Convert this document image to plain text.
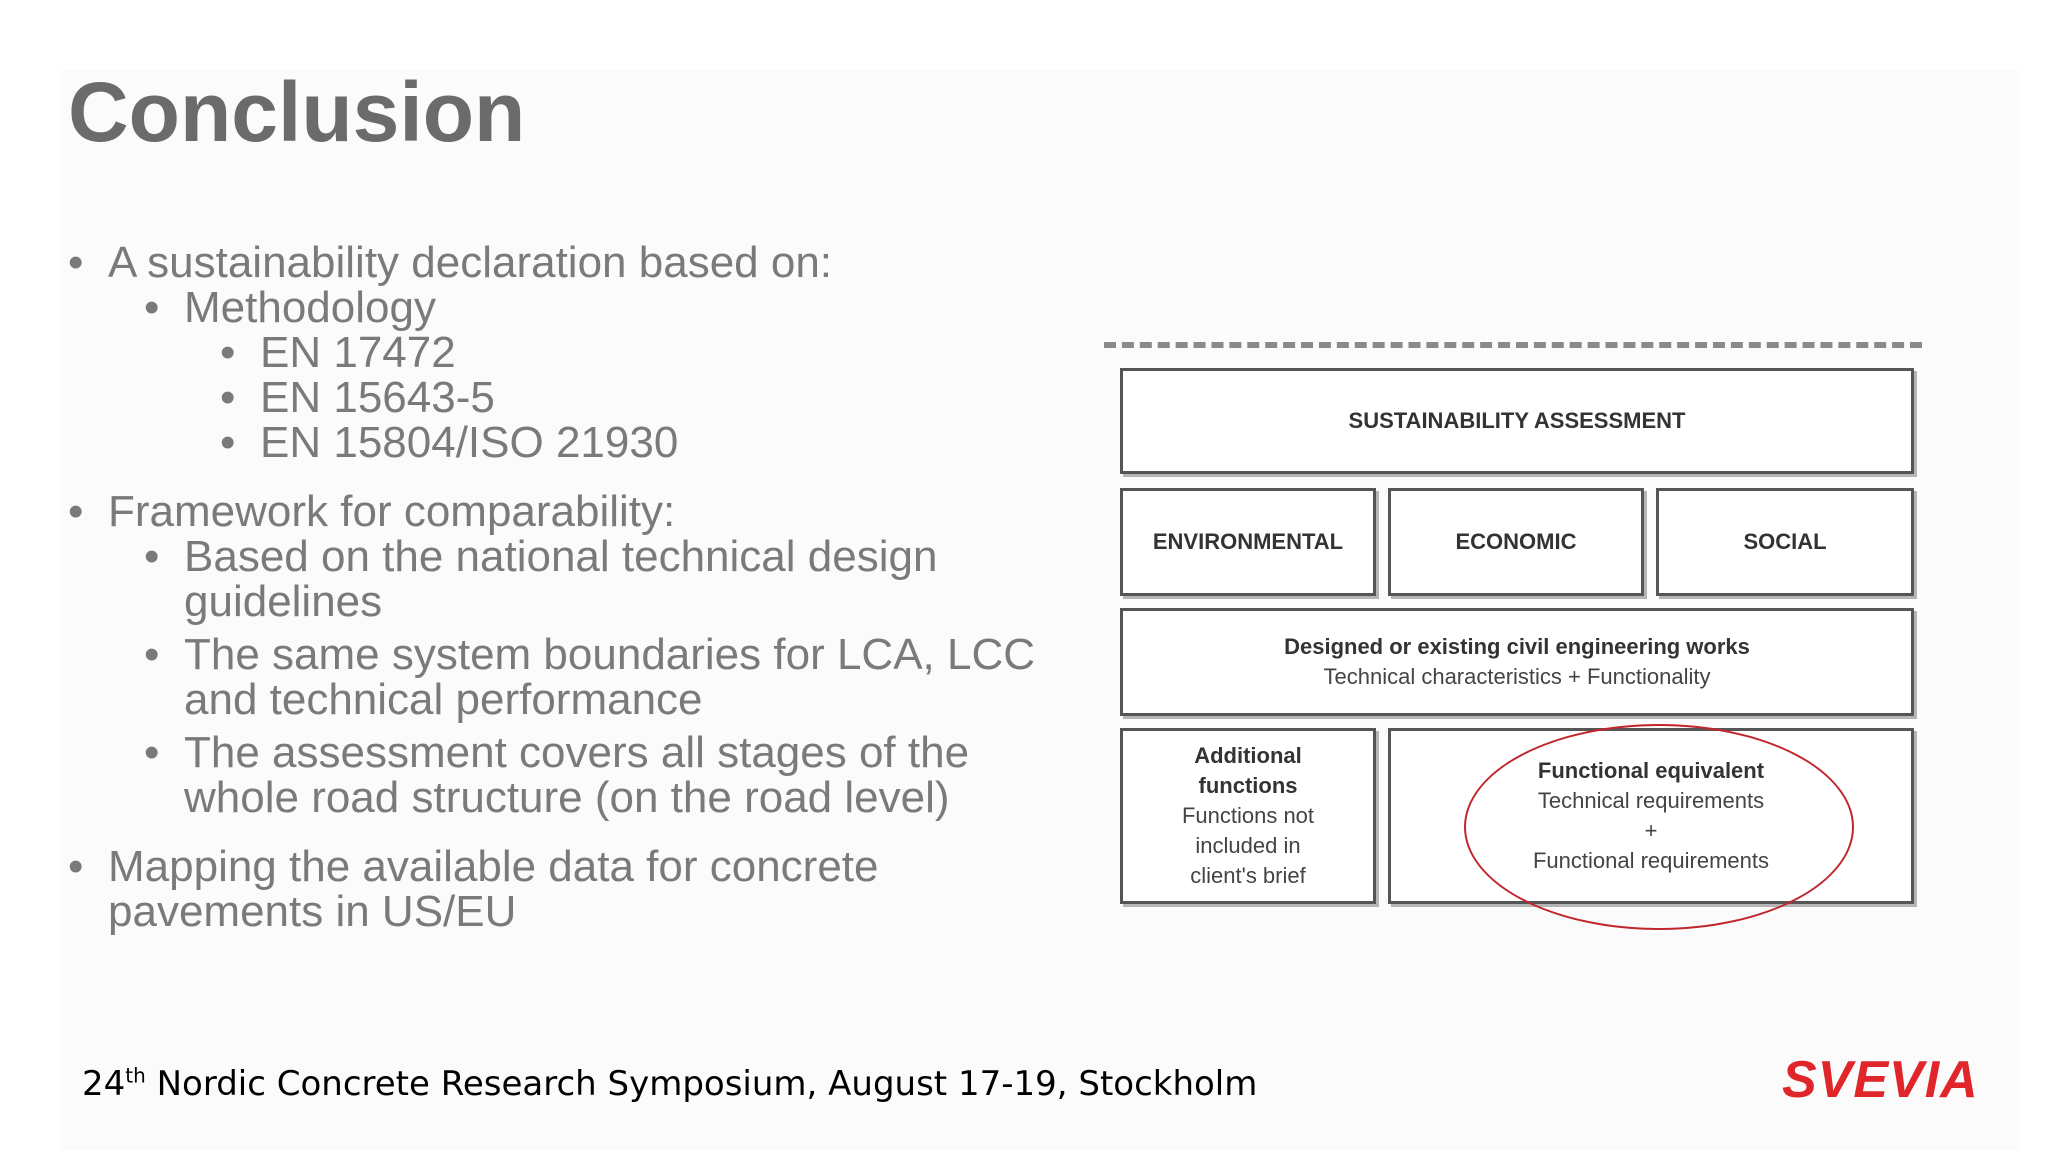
Conclusion
• A sustainability declaration based on:
• Methodology
• EN 17472
• EN 15643-5
• EN 15804/ISO 21930
• Framework for comparability:
• Based on the national technical design guidelines
• The same system boundaries for LCA, LCC and technical performance
• The assessment covers all stages of the whole road structure (on the road level)
• Mapping the available data for concrete pavements in US/EU
SUSTAINABILITY ASSESSMENT
ENVIRONMENTAL	ECONOMIC	SOCIAL
Designed or existing civil engineering works
Technical characteristics + Functionality
Additional
functions
Functions not
included in
client's brief
Functional equivalent
Technical requirements
+
Functional requirements
24th Nordic Concrete Research Symposium, August 17-19, Stockholm	SVEVIA
